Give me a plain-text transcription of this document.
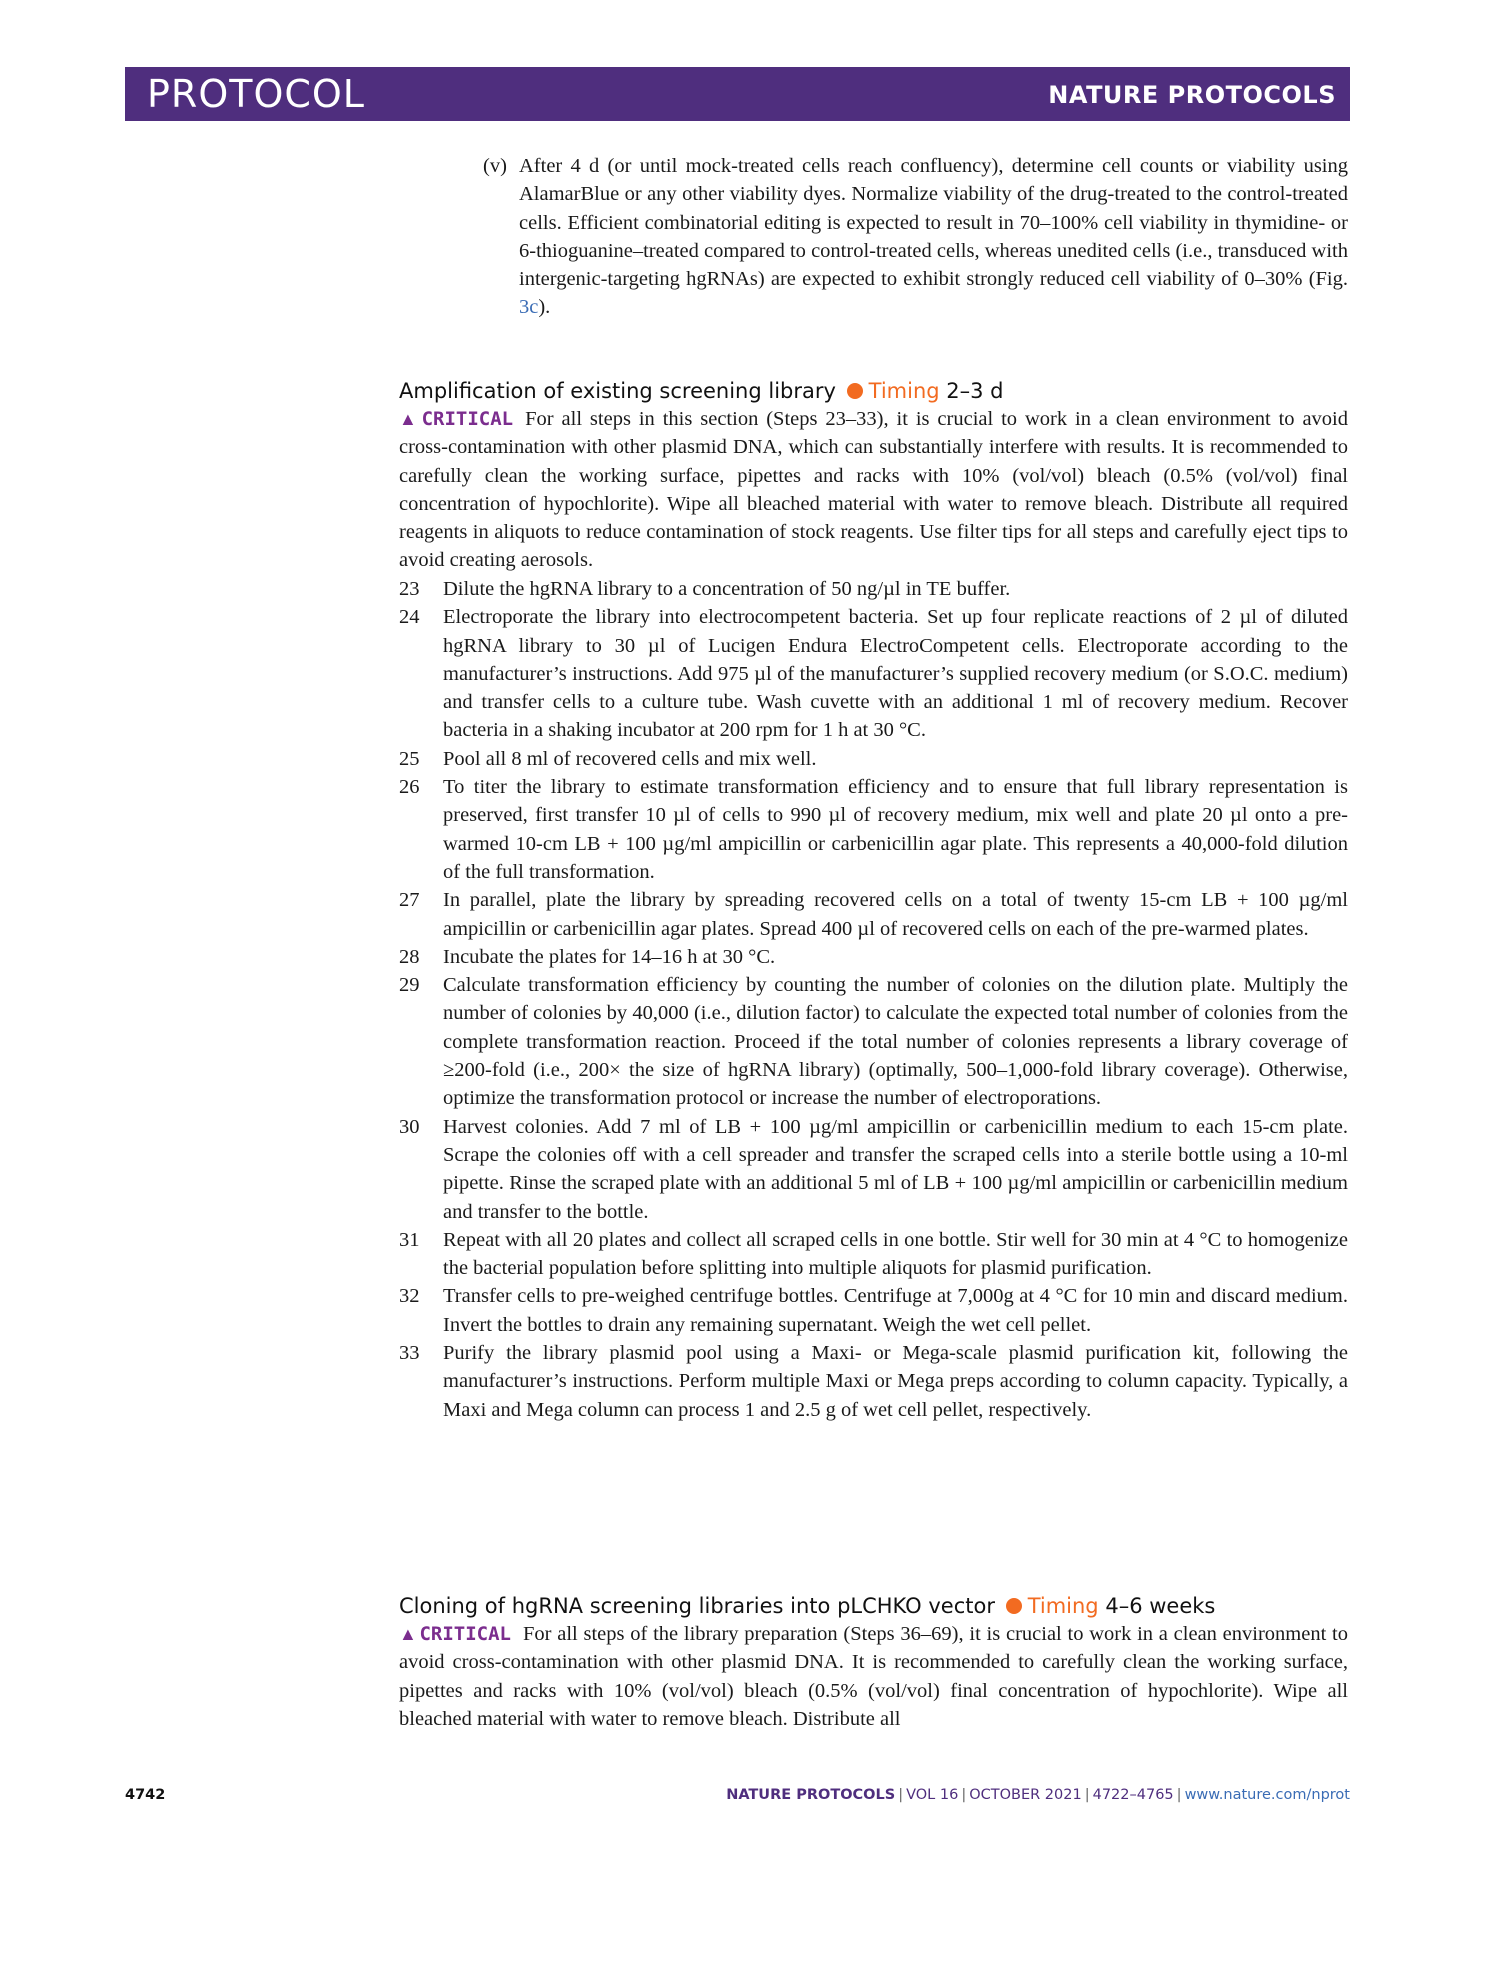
PROTOCOL	NATURE PROTOCOLS
(v) After 4 d (or until mock-treated cells reach confluency), determine cell counts or viability using AlamarBlue or any other viability dyes. Normalize viability of the drug-treated to the control-treated cells. Efficient combinatorial editing is expected to result in 70–100% cell viability in thymidine- or 6-thioguanine–treated compared to control-treated cells, whereas unedited cells (i.e., transduced with intergenic-targeting hgRNAs) are expected to exhibit strongly reduced cell viability of 0–30% (Fig. 3c).
Amplification of existing screening library Timing 2–3 d
▲ CRITICAL For all steps in this section (Steps 23–33), it is crucial to work in a clean environment to avoid cross-contamination with other plasmid DNA, which can substantially interfere with results. It is recommended to carefully clean the working surface, pipettes and racks with 10% (vol/vol) bleach (0.5% (vol/vol) final concentration of hypochlorite). Wipe all bleached material with water to remove bleach. Distribute all required reagents in aliquots to reduce contamination of stock reagents. Use filter tips for all steps and carefully eject tips to avoid creating aerosols.
23	Dilute the hgRNA library to a concentration of 50 ng/µl in TE buffer.
24	Electroporate the library into electrocompetent bacteria. Set up four replicate reactions of 2 µl of diluted hgRNA library to 30 µl of Lucigen Endura ElectroCompetent cells. Electroporate according to the manufacturer’s instructions. Add 975 µl of the manufacturer’s supplied recovery medium (or S.O.C. medium) and transfer cells to a culture tube. Wash cuvette with an additional 1 ml of recovery medium. Recover bacteria in a shaking incubator at 200 rpm for 1 h at 30 °C.
25	Pool all 8 ml of recovered cells and mix well.
26	To titer the library to estimate transformation efficiency and to ensure that full library representation is preserved, first transfer 10 µl of cells to 990 µl of recovery medium, mix well and plate 20 µl onto a pre-warmed 10-cm LB + 100 µg/ml ampicillin or carbenicillin agar plate. This represents a 40,000-fold dilution of the full transformation.
27	In parallel, plate the library by spreading recovered cells on a total of twenty 15-cm LB + 100 µg/ml ampicillin or carbenicillin agar plates. Spread 400 µl of recovered cells on each of the pre-warmed plates.
28	Incubate the plates for 14–16 h at 30 °C.
29	Calculate transformation efficiency by counting the number of colonies on the dilution plate. Multiply the number of colonies by 40,000 (i.e., dilution factor) to calculate the expected total number of colonies from the complete transformation reaction. Proceed if the total number of colonies represents a library coverage of ≥200-fold (i.e., 200× the size of hgRNA library) (optimally, 500–1,000-fold library coverage). Otherwise, optimize the transformation protocol or increase the number of electroporations.
30	Harvest colonies. Add 7 ml of LB + 100 µg/ml ampicillin or carbenicillin medium to each 15-cm plate. Scrape the colonies off with a cell spreader and transfer the scraped cells into a sterile bottle using a 10-ml pipette. Rinse the scraped plate with an additional 5 ml of LB + 100 µg/ml ampicillin or carbenicillin medium and transfer to the bottle.
31	Repeat with all 20 plates and collect all scraped cells in one bottle. Stir well for 30 min at 4 °C to homogenize the bacterial population before splitting into multiple aliquots for plasmid purification.
32	Transfer cells to pre-weighed centrifuge bottles. Centrifuge at 7,000g at 4 °C for 10 min and discard medium. Invert the bottles to drain any remaining supernatant. Weigh the wet cell pellet.
33	Purify the library plasmid pool using a Maxi- or Mega-scale plasmid purification kit, following the manufacturer’s instructions. Perform multiple Maxi or Mega preps according to column capacity. Typically, a Maxi and Mega column can process 1 and 2.5 g of wet cell pellet, respectively.
Cloning of hgRNA screening libraries into pLCHKO vector Timing 4–6 weeks
▲ CRITICAL For all steps of the library preparation (Steps 36–69), it is crucial to work in a clean environment to avoid cross-contamination with other plasmid DNA. It is recommended to carefully clean the working surface, pipettes and racks with 10% (vol/vol) bleach (0.5% (vol/vol) final concentration of hypochlorite). Wipe all bleached material with water to remove bleach. Distribute all
4742	NATURE PROTOCOLS | VOL 16 | OCTOBER 2021 | 4722–4765 | www.nature.com/nprot
